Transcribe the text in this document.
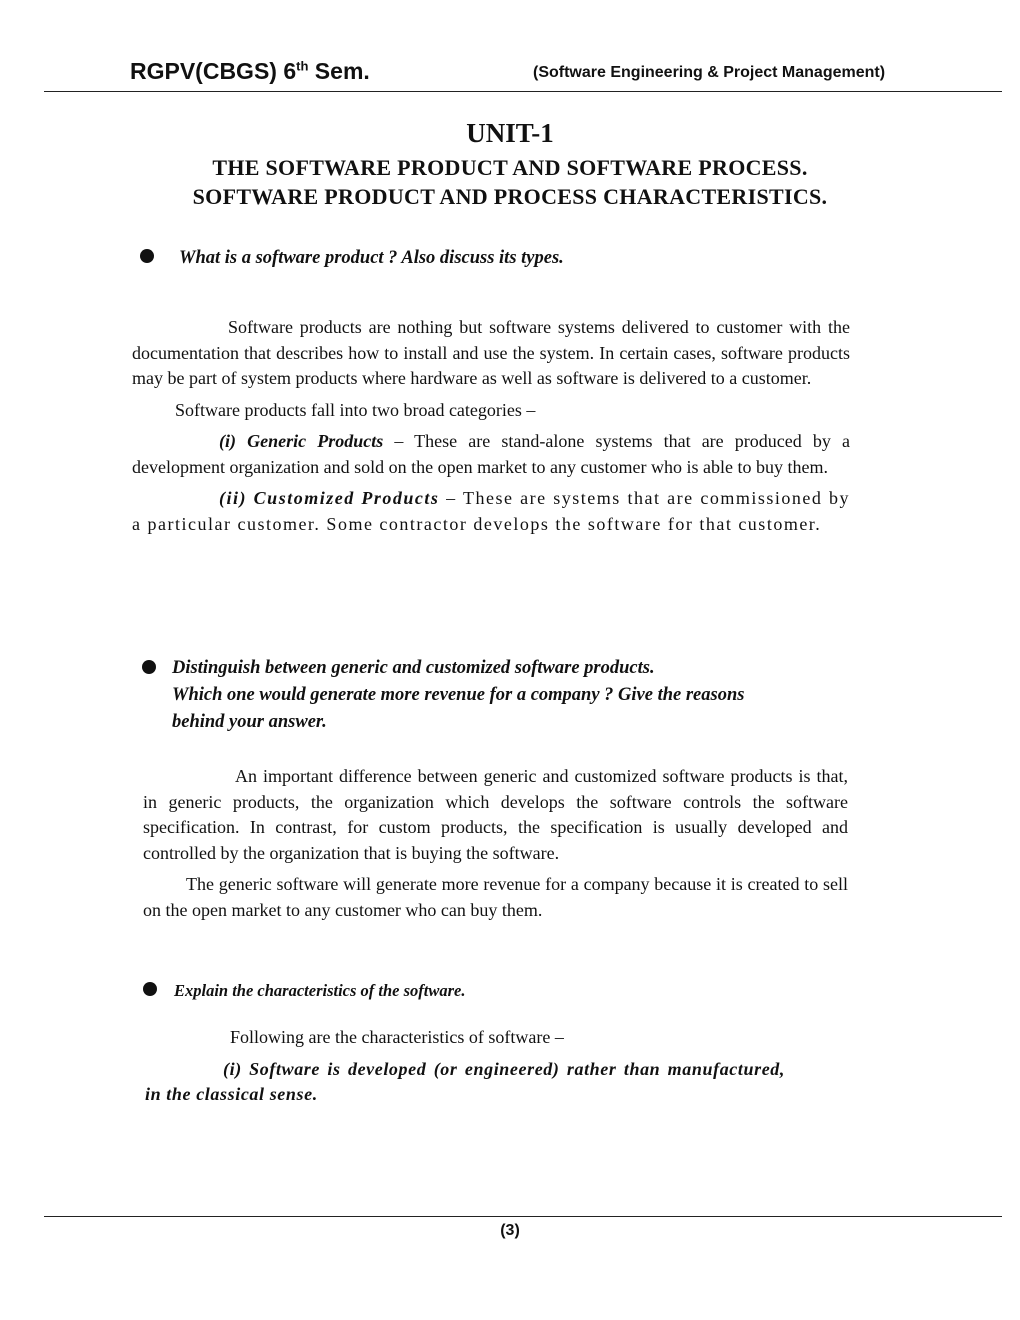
RGPV(CBGS) 6th Sem.	(Software Engineering & Project Management)
UNIT-1
THE SOFTWARE PRODUCT AND SOFTWARE PROCESS.
SOFTWARE PRODUCT AND PROCESS CHARACTERISTICS.
What is a software product ? Also discuss its types.

Software products are nothing but software systems delivered to customer with the documentation that describes how to install and use the system. In certain cases, software products may be part of system products where hardware as well as software is delivered to a customer.

Software products fall into two broad categories –

(i) Generic Products – These are stand-alone systems that are produced by a development organization and sold on the open market to any customer who is able to buy them.

(ii) Customized Products – These are systems that are commissioned by a particular customer. Some contractor develops the software for that customer.

Distinguish between generic and customized software products.
Which one would generate more revenue for a company ? Give the reasons
behind your answer.

An important difference between generic and customized software products is that, in generic products, the organization which develops the software controls the software specification. In contrast, for custom products, the specification is usually developed and controlled by the organization that is buying the software.

The generic software will generate more revenue for a company because it is created to sell on the open market to any customer who can buy them.

Explain the characteristics of the software.

Following are the characteristics of software –

(i) Software is developed (or engineered) rather than manufactured, in the classical sense.

(3)
